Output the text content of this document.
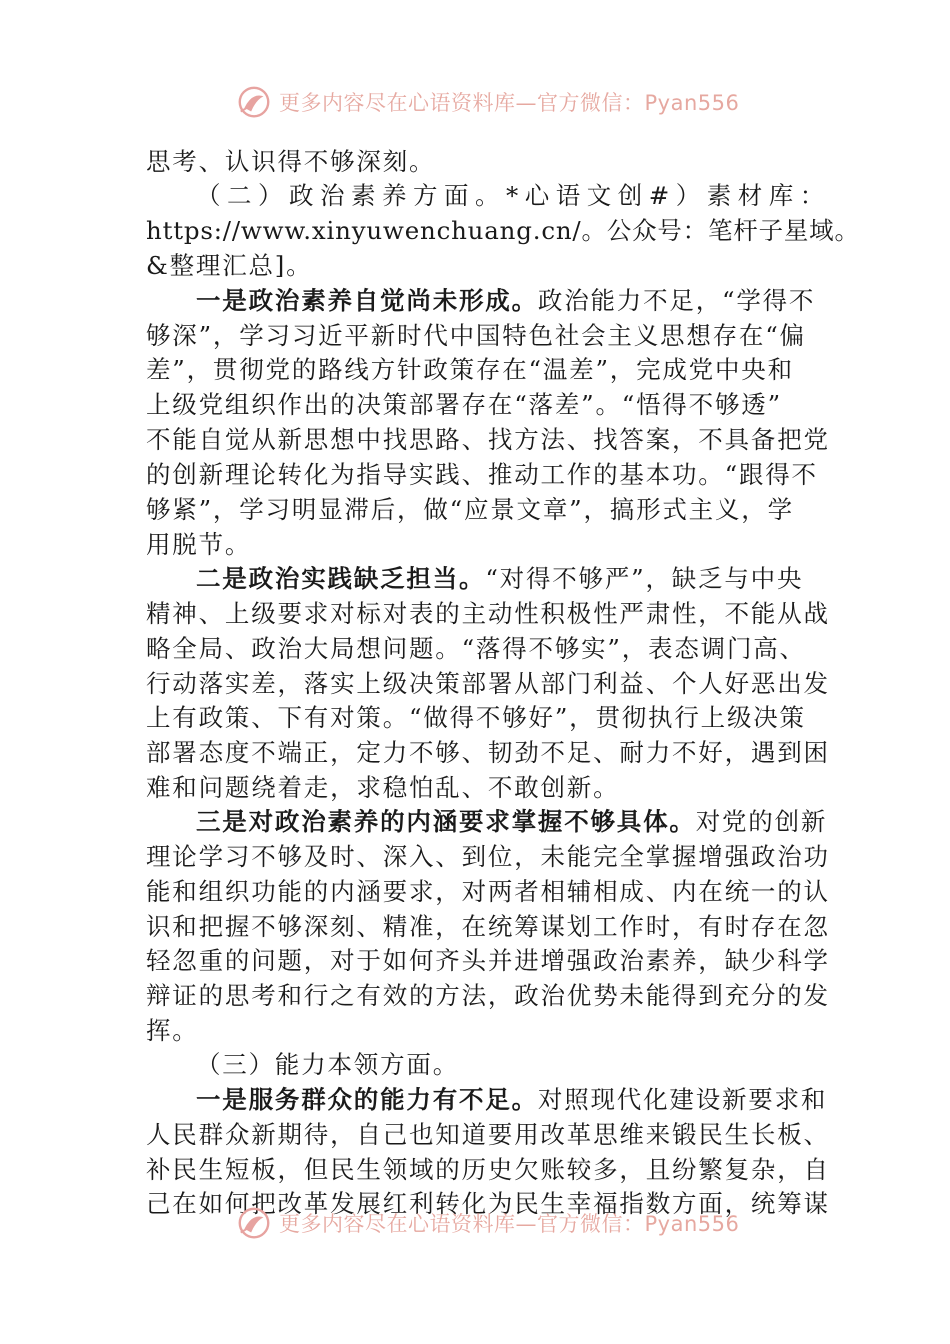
更多内容尽在心语资料库—官方微信：Pyan556
思考、认识得不够深刻。
（二）政治素养方面。*心语文创#）素材库：
https://www.xinyuwenchuang.cn/。公众号：笔杆子星域。
&整理汇总]。
一是政治素养自觉尚未形成。政治能力不足，“学得不
够深”，学习习近平新时代中国特色社会主义思想存在“偏
差”，贯彻党的路线方针政策存在“温差”，完成党中央和
上级党组织作出的决策部署存在“落差”。“悟得不够透”
不能自觉从新思想中找思路、找方法、找答案，不具备把党
的创新理论转化为指导实践、推动工作的基本功。“跟得不
够紧”，学习明显滞后，做“应景文章”，搞形式主义，学
用脱节。
二是政治实践缺乏担当。“对得不够严”，缺乏与中央
精神、上级要求对标对表的主动性积极性严肃性，不能从战
略全局、政治大局想问题。“落得不够实”，表态调门高、
行动落实差，落实上级决策部署从部门利益、个人好恶出发
上有政策、下有对策。“做得不够好”，贯彻执行上级决策
部署态度不端正，定力不够、韧劲不足、耐力不好，遇到困
难和问题绕着走，求稳怕乱、不敢创新。
三是对政治素养的内涵要求掌握不够具体。对党的创新
理论学习不够及时、深入、到位，未能完全掌握增强政治功
能和组织功能的内涵要求，对两者相辅相成、内在统一的认
识和把握不够深刻、精准，在统筹谋划工作时，有时存在忽
轻忽重的问题，对于如何齐头并进增强政治素养，缺少科学
辩证的思考和行之有效的方法，政治优势未能得到充分的发
挥。
（三）能力本领方面。
一是服务群众的能力有不足。对照现代化建设新要求和
人民群众新期待，自己也知道要用改革思维来锻民生长板、
补民生短板，但民生领域的历史欠账较多，且纷繁复杂，自
己在如何把改革发展红利转化为民生幸福指数方面，统筹谋
更多内容尽在心语资料库—官方微信：Pyan556
